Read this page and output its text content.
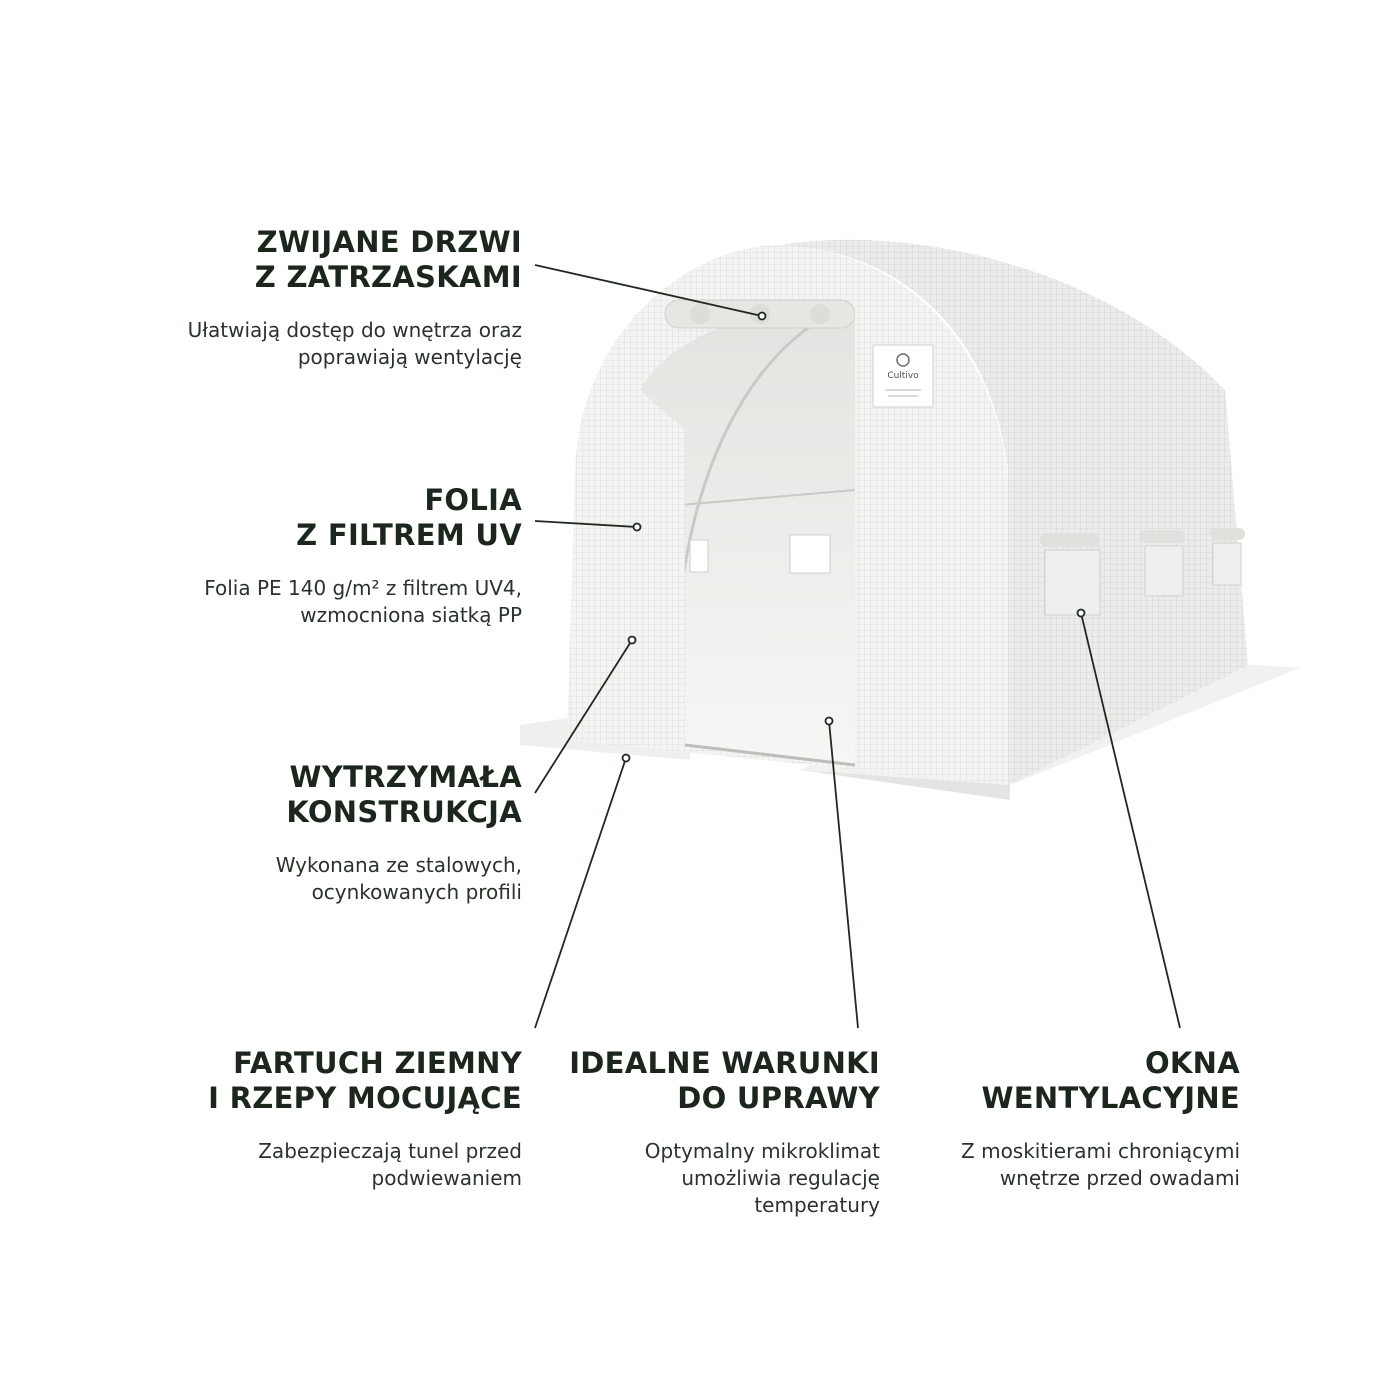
Cultivo
ZWIJANE DRZWI
Z ZATRZASKAMI
Ułatwiają dostęp do wnętrza oraz
poprawiają wentylację
FOLIA
Z FILTREM UV
Folia PE 140 g/m² z filtrem UV4,
wzmocniona siatką PP
WYTRZYMAŁA
KONSTRUKCJA
Wykonana ze stalowych,
ocynkowanych profili
FARTUCH ZIEMNY
I RZEPY MOCUJĄCE
Zabezpieczają tunel przed
podwiewaniem
IDEALNE WARUNKI
DO UPRAWY
Optymalny mikroklimat
umożliwia regulację
temperatury
OKNA
WENTYLACYJNE
Z moskitierami chroniącymi
wnętrze przed owadami
